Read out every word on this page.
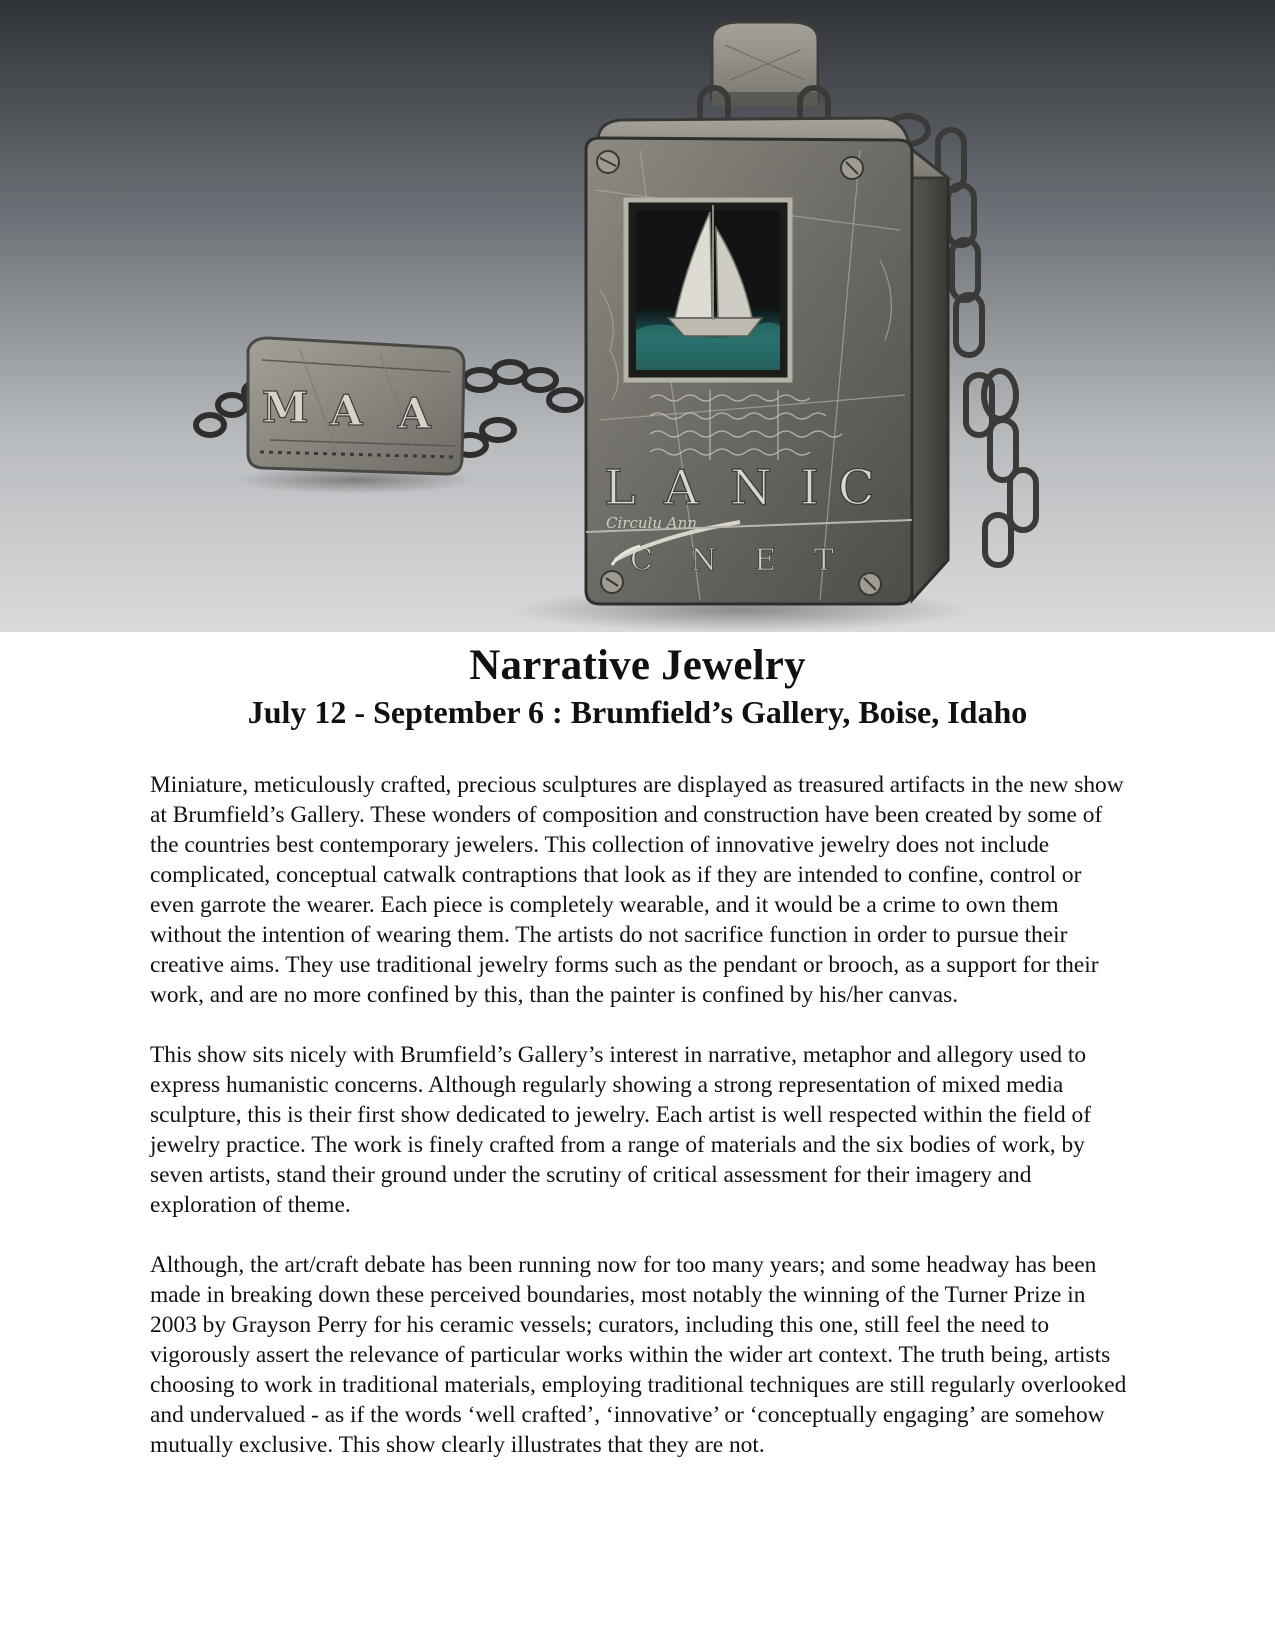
M A A
L A N I C
Circulu Ann
C N E T
Narrative Jewelry
July 12 - September 6 : Brumfield’s Gallery, Boise, Idaho

Miniature, meticulously crafted, precious sculptures are displayed as treasured artifacts in the new show at Brumfield’s Gallery. These wonders of composition and construction have been created by some of the countries best contemporary jewelers. This collection of innovative jewelry does not include complicated, conceptual catwalk contraptions that look as if they are intended to confine, control or even garrote the wearer. Each piece is completely wearable, and it would be a crime to own them without the intention of wearing them. The artists do not sacrifice function in order to pursue their creative aims. They use traditional jewelry forms such as the pendant or brooch, as a support for their work, and are no more confined by this, than the painter is confined by his/her canvas.

This show sits nicely with Brumfield’s Gallery’s interest in narrative, metaphor and allegory used to express humanistic concerns. Although regularly showing a strong representation of mixed media sculpture, this is their first show dedicated to jewelry. Each artist is well respected within the field of jewelry practice. The work is finely crafted from a range of materials and the six bodies of work, by seven artists, stand their ground under the scrutiny of critical assessment for their imagery and exploration of theme.

Although, the art/craft debate has been running now for too many years; and some headway has been made in breaking down these perceived boundaries, most notably the winning of the Turner Prize in 2003 by Grayson Perry for his ceramic vessels; curators, including this one, still feel the need to vigorously assert the relevance of particular works within the wider art context. The truth being, artists choosing to work in traditional materials, employing traditional techniques are still regularly overlooked and undervalued - as if the words ‘well crafted’, ‘innovative’ or ‘conceptually engaging’ are somehow mutually exclusive. This show clearly illustrates that they are not.
